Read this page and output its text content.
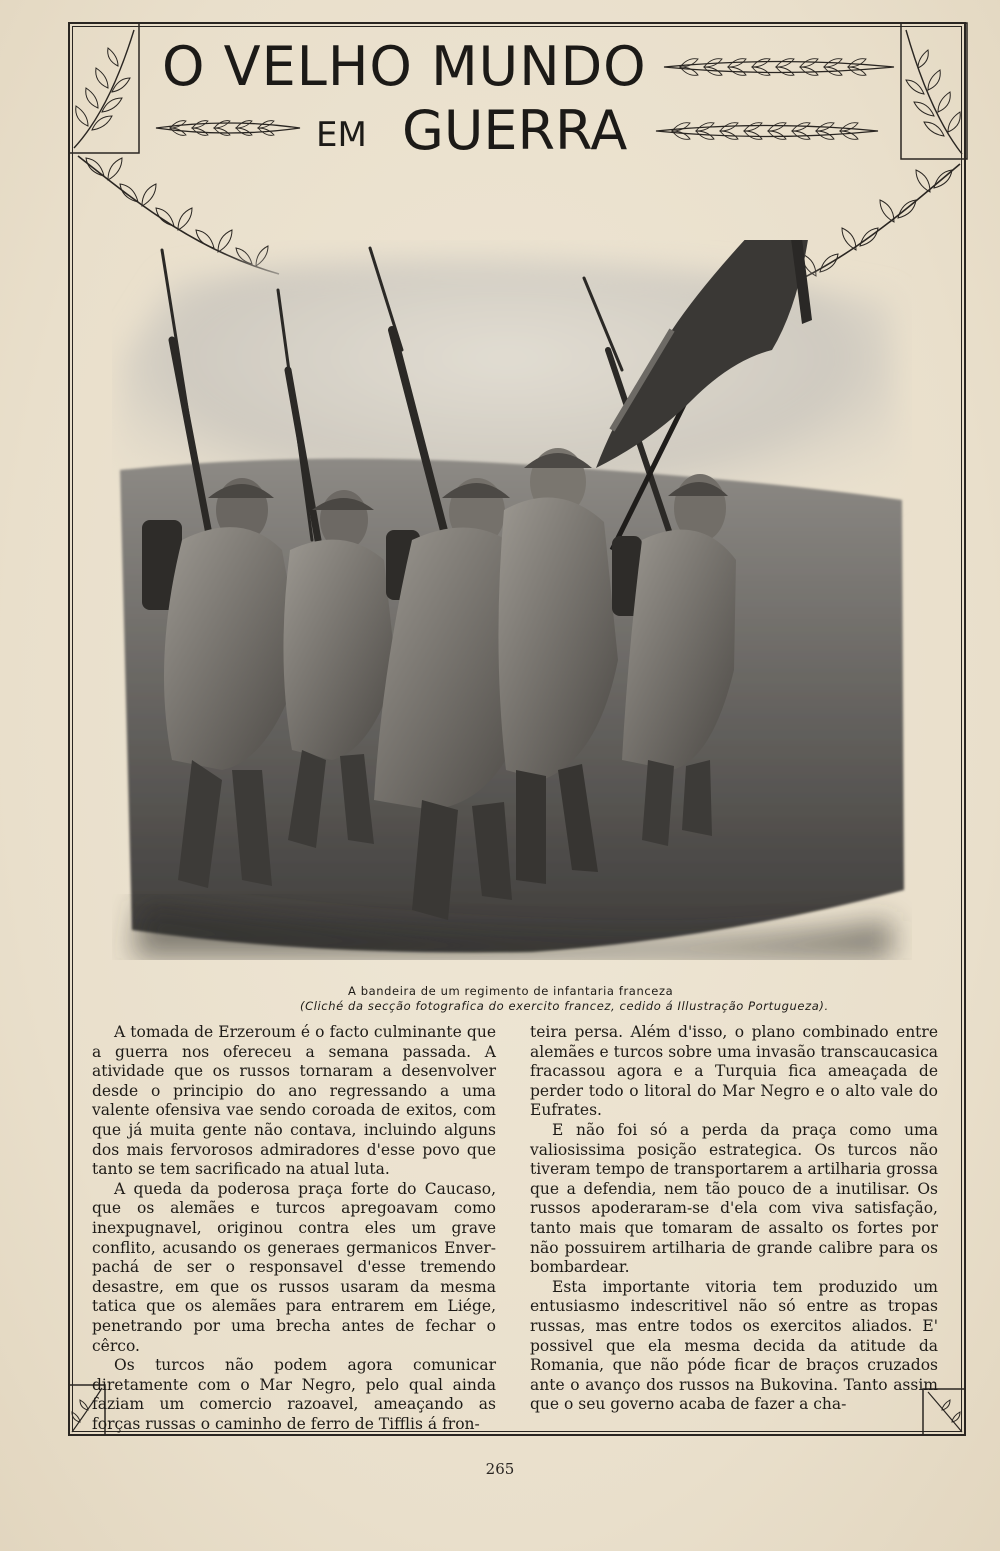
O VELHO MUNDO
EM GUERRA
A bandeira de um regimento de infantaria franceza
(Cliché da secção fotografica do exercito francez, cedido á Illustração Portugueza).

A tomada de Erzeroum é o facto culminante que a guerra nos ofereceu a semana passada. A atividade que os russos tornaram a desenvolver desde o principio do ano regressando a uma valente ofensiva vae sendo coroada de exitos, com que já muita gente não contava, incluindo alguns dos mais fervorosos admiradores d'esse povo que tanto se tem sacrificado na atual luta.

A queda da poderosa praça forte do Caucaso, que os alemães e turcos apregoavam como inexpugnavel, originou contra eles um grave conflito, acusando os generaes germanicos Enver-pachá de ser o responsavel d'esse tremendo desastre, em que os russos usaram da mesma tatica que os alemães para entrarem em Liége, penetrando por uma brecha antes de fechar o cêrco.

Os turcos não podem agora comunicar diretamente com o Mar Negro, pelo qual ainda faziam um comercio razoavel, ameaçando as forças russas o caminho de ferro de Tifflis á fron-

teira persa. Além d'isso, o plano combinado entre alemães e turcos sobre uma invasão transcaucasica fracassou agora e a Turquia fica ameaçada de perder todo o litoral do Mar Negro e o alto vale do Eufrates.

E não foi só a perda da praça como uma valiosissima posição estrategica. Os turcos não tiveram tempo de transportarem a artilharia grossa que a defendia, nem tão pouco de a inutilisar. Os russos apoderaram-se d'ela com viva satisfação, tanto mais que tomaram de assalto os fortes por não possuirem artilharia de grande calibre para os bombardear.

Esta importante vitoria tem produzido um entusiasmo indescritivel não só entre as tropas russas, mas entre todos os exercitos aliados. E' possivel que ela mesma decida da atitude da Romania, que não póde ficar de braços cruzados ante o avanço dos russos na Bukovina. Tanto assim que o seu governo acaba de fazer a cha-

265
